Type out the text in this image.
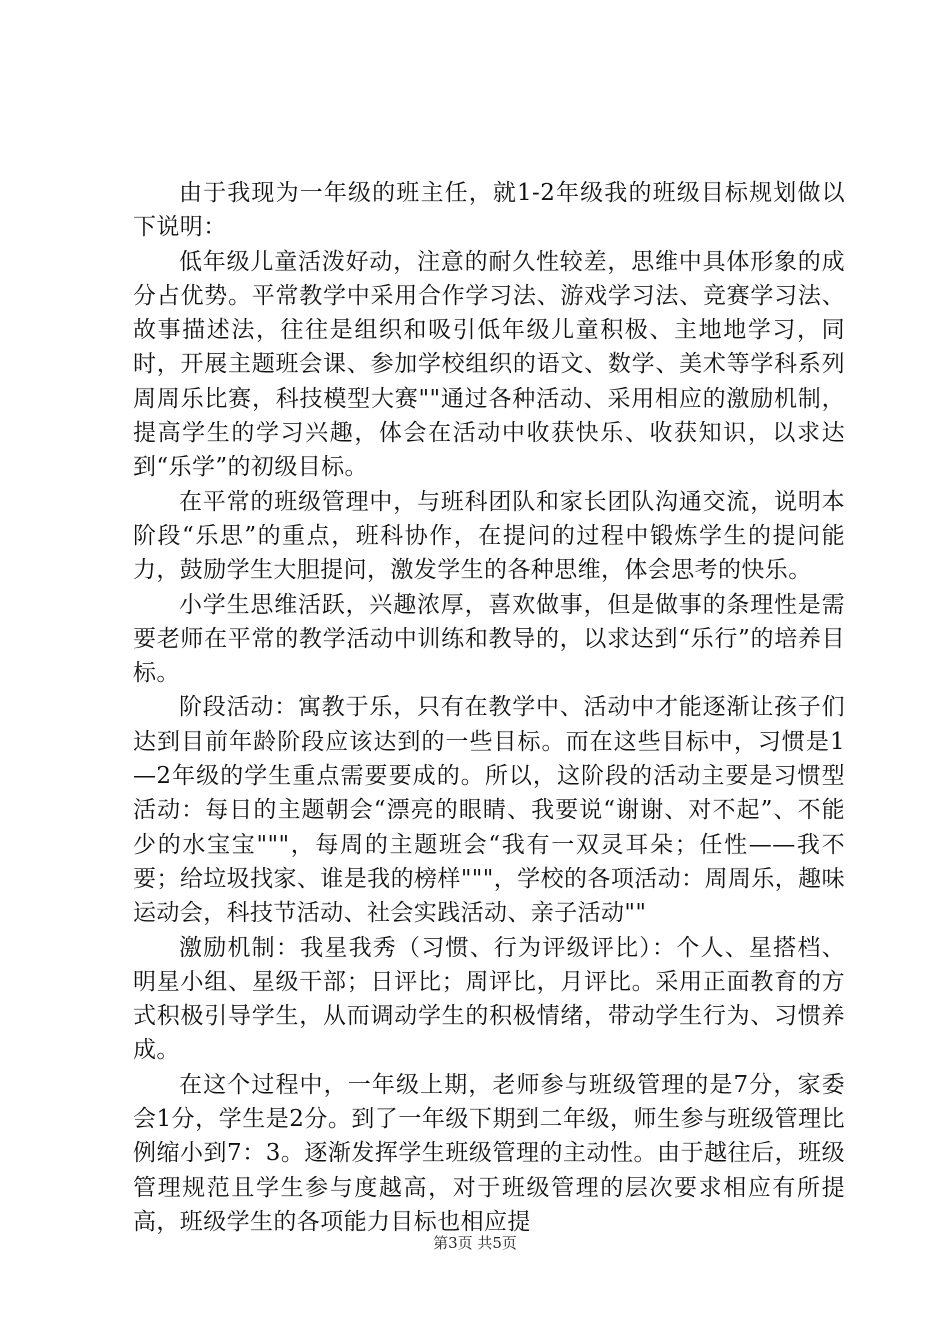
由于我现为一年级的班主任，就1-2年级我的班级目标规划做以下说明：

低年级儿童活泼好动，注意的耐久性较差，思维中具体形象的成分占优势。平常教学中采用合作学习法、游戏学习法、竞赛学习法、故事描述法，往往是组织和吸引低年级儿童积极、主地地学习，同时，开展主题班会课、参加学校组织的语文、数学、美术等学科系列周周乐比赛，科技模型大赛""通过各种活动、采用相应的激励机制，提高学生的学习兴趣，体会在活动中收获快乐、收获知识，以求达到“乐学”的初级目标。

在平常的班级管理中，与班科团队和家长团队沟通交流，说明本阶段“乐思”的重点，班科协作，在提问的过程中锻炼学生的提问能力，鼓励学生大胆提问，激发学生的各种思维，体会思考的快乐。

小学生思维活跃，兴趣浓厚，喜欢做事，但是做事的条理性是需要老师在平常的教学活动中训练和教导的，以求达到“乐行”的培养目标。

阶段活动：寓教于乐，只有在教学中、活动中才能逐渐让孩子们达到目前年龄阶段应该达到的一些目标。而在这些目标中，习惯是1—2年级的学生重点需要要成的。所以，这阶段的活动主要是习惯型活动：每日的主题朝会“漂亮的眼睛、我要说“谢谢、对不起”、不能少的水宝宝"""，每周的主题班会“我有一双灵耳朵；任性——我不要；给垃圾找家、谁是我的榜样"""，学校的各项活动：周周乐，趣味运动会，科技节活动、社会实践活动、亲子活动""

激励机制：我星我秀（习惯、行为评级评比）：个人、星搭档、明星小组、星级干部；日评比；周评比，月评比。采用正面教育的方式积极引导学生，从而调动学生的积极情绪，带动学生行为、习惯养成。

在这个过程中，一年级上期，老师参与班级管理的是7分，家委会1分，学生是2分。到了一年级下期到二年级，师生参与班级管理比例缩小到7：3。逐渐发挥学生班级管理的主动性。由于越往后，班级管理规范且学生参与度越高，对于班级管理的层次要求相应有所提高，班级学生的各项能力目标也相应提

第3页 共5页
